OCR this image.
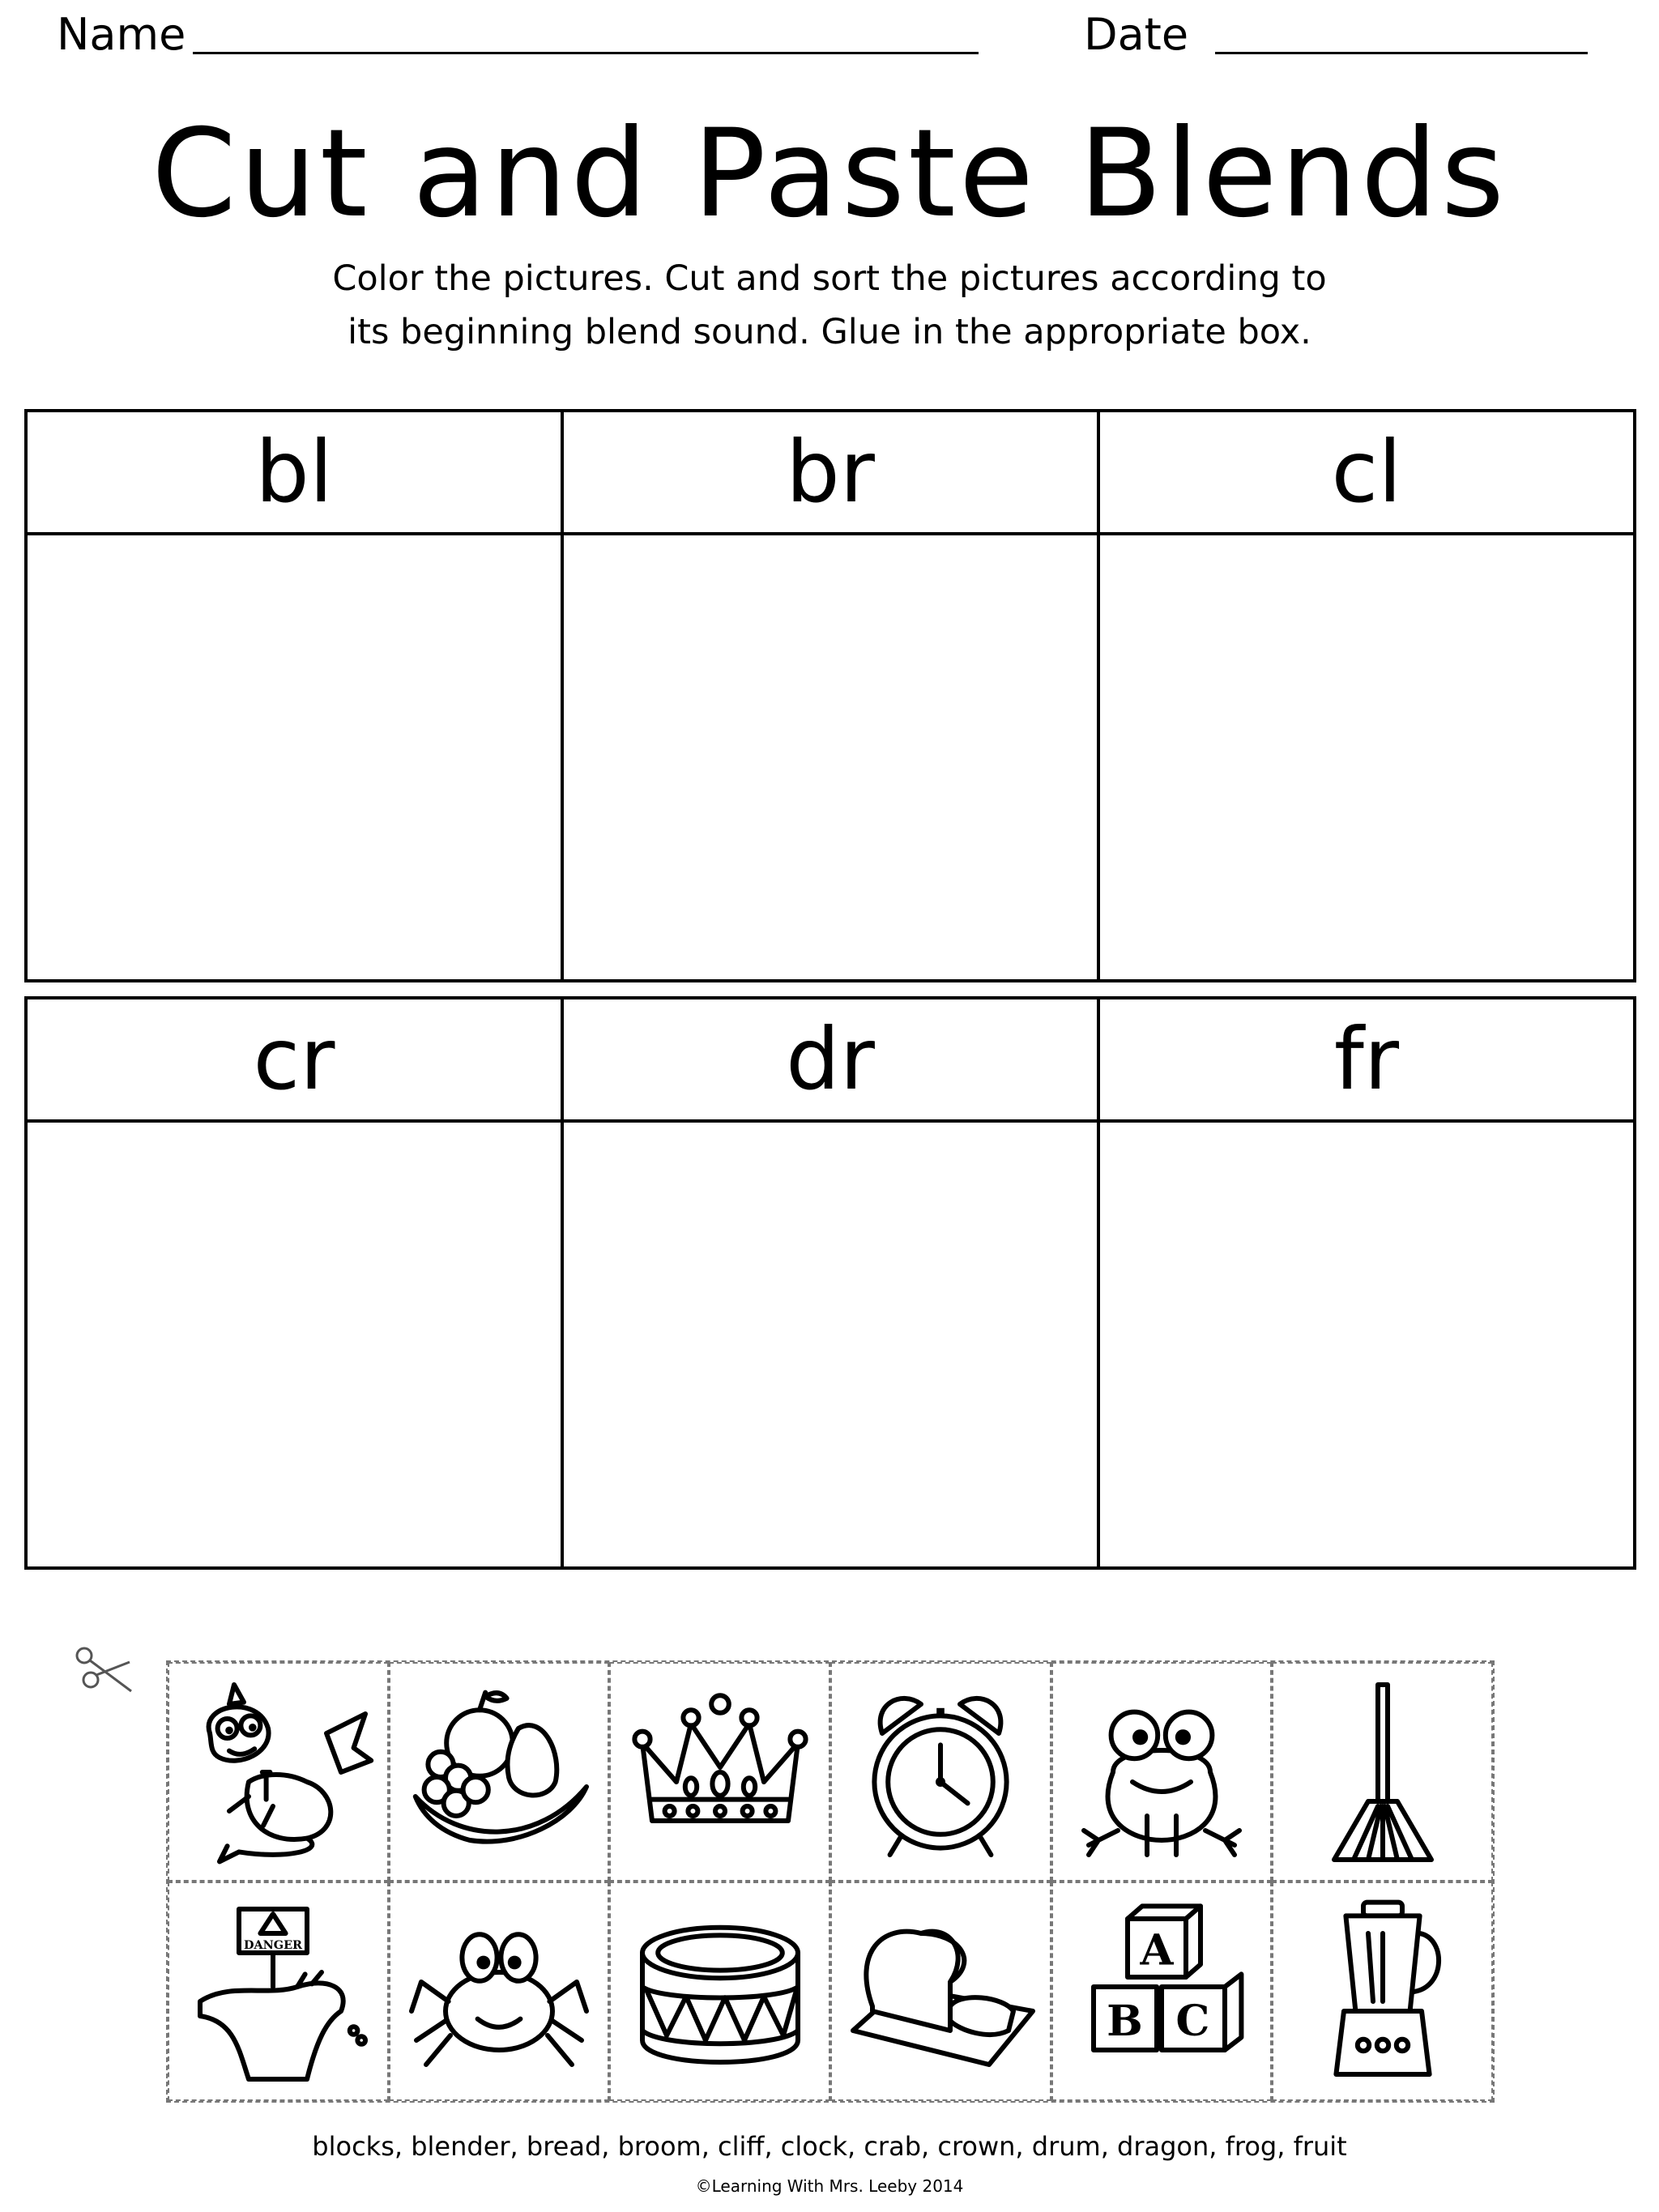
Name	Date
Cut and Paste Blends
Color the pictures. Cut and sort the pictures according to
its beginning blend sound. Glue in the appropriate box.
bl	br	cl

cr	dr	fr

DANGER	A
B C
blocks, blender, bread, broom, cliff, clock, crab, crown, drum, dragon, frog, fruit
©Learning With Mrs. Leeby 2014
